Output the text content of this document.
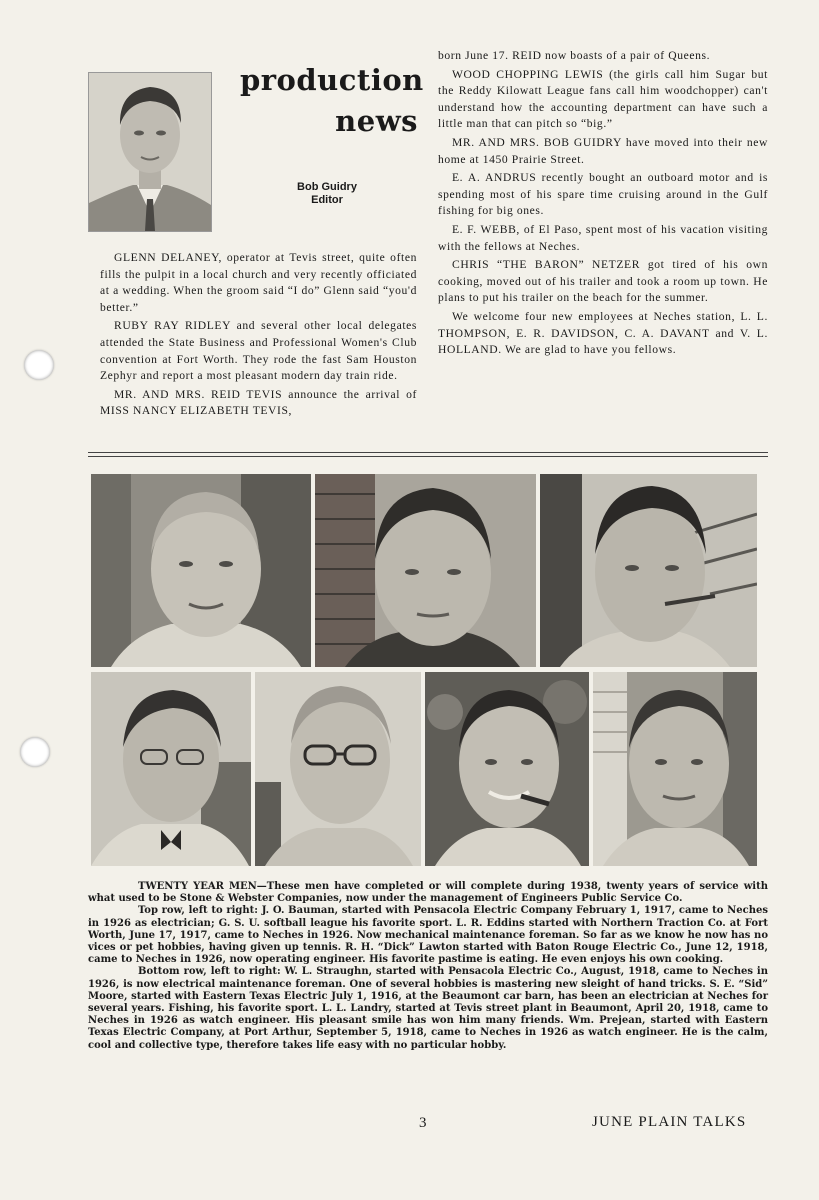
production
news
Bob Guidry
Editor

GLENN DELANEY, operator at Tevis street, quite often fills the pulpit in a local church and very recently officiated at a wedding. When the groom said “I do” Glenn said “you'd better.”

RUBY RAY RIDLEY and several other local delegates attended the State Business and Professional Women's Club convention at Fort Worth. They rode the fast Sam Houston Zephyr and report a most pleasant modern day train ride.

MR. AND MRS. REID TEVIS announce the arrival of MISS NANCY ELIZABETH TEVIS,

born June 17. REID now boasts of a pair of Queens.

WOOD CHOPPING LEWIS (the girls call him Sugar but the Reddy Kilowatt League fans call him woodchopper) can't understand how the accounting department can have such a little man that can pitch so “big.”

MR. AND MRS. BOB GUIDRY have moved into their new home at 1450 Prairie Street.

E. A. ANDRUS recently bought an outboard motor and is spending most of his spare time cruising around in the Gulf fishing for big ones.

E. F. WEBB, of El Paso, spent most of his vacation visiting with the fellows at Neches.

CHRIS “THE BARON” NETZER got tired of his own cooking, moved out of his trailer and took a room up town. He plans to put his trailer on the beach for the summer.

We welcome four new employees at Neches station, L. L. THOMPSON, E. R. DAVIDSON, C. A. DAVANT and V. L. HOLLAND. We are glad to have you fellows.

TWENTY YEAR MEN—These men have completed or will complete during 1938, twenty years of service with what used to be Stone & Webster Companies, now under the management of Engineers Public Service Co.

Top row, left to right: J. O. Bauman, started with Pensacola Electric Company February 1, 1917, came to Neches in 1926 as electrician; G. S. U. softball league his favorite sport. L. R. Eddins started with Northern Traction Co. at Fort Worth, June 17, 1917, came to Neches in 1926. Now mechanical maintenance foreman. So far as we know he now has no vices or pet hobbies, having given up tennis. R. H. “Dick” Lawton started with Baton Rouge Electric Co., June 12, 1918, came to Neches in 1926, now operating engineer. His favorite pastime is eating. He even enjoys his own cooking.

Bottom row, left to right: W. L. Straughn, started with Pensacola Electric Co., August, 1918, came to Neches in 1926, is now electrical maintenance foreman. One of several hobbies is mastering new sleight of hand tricks. S. E. “Sid” Moore, started with Eastern Texas Electric July 1, 1916, at the Beaumont car barn, has been an electrician at Neches for several years. Fishing, his favorite sport. L. L. Landry, started at Tevis street plant in Beaumont, April 20, 1918, came to Neches in 1926 as watch engineer. His pleasant smile has won him many friends. Wm. Prejean, started with Eastern Texas Electric Company, at Port Arthur, September 5, 1918, came to Neches in 1926 as watch engineer. He is the calm, cool and collective type, therefore takes life easy with no particular hobby.

3	JUNE PLAIN TALKS
